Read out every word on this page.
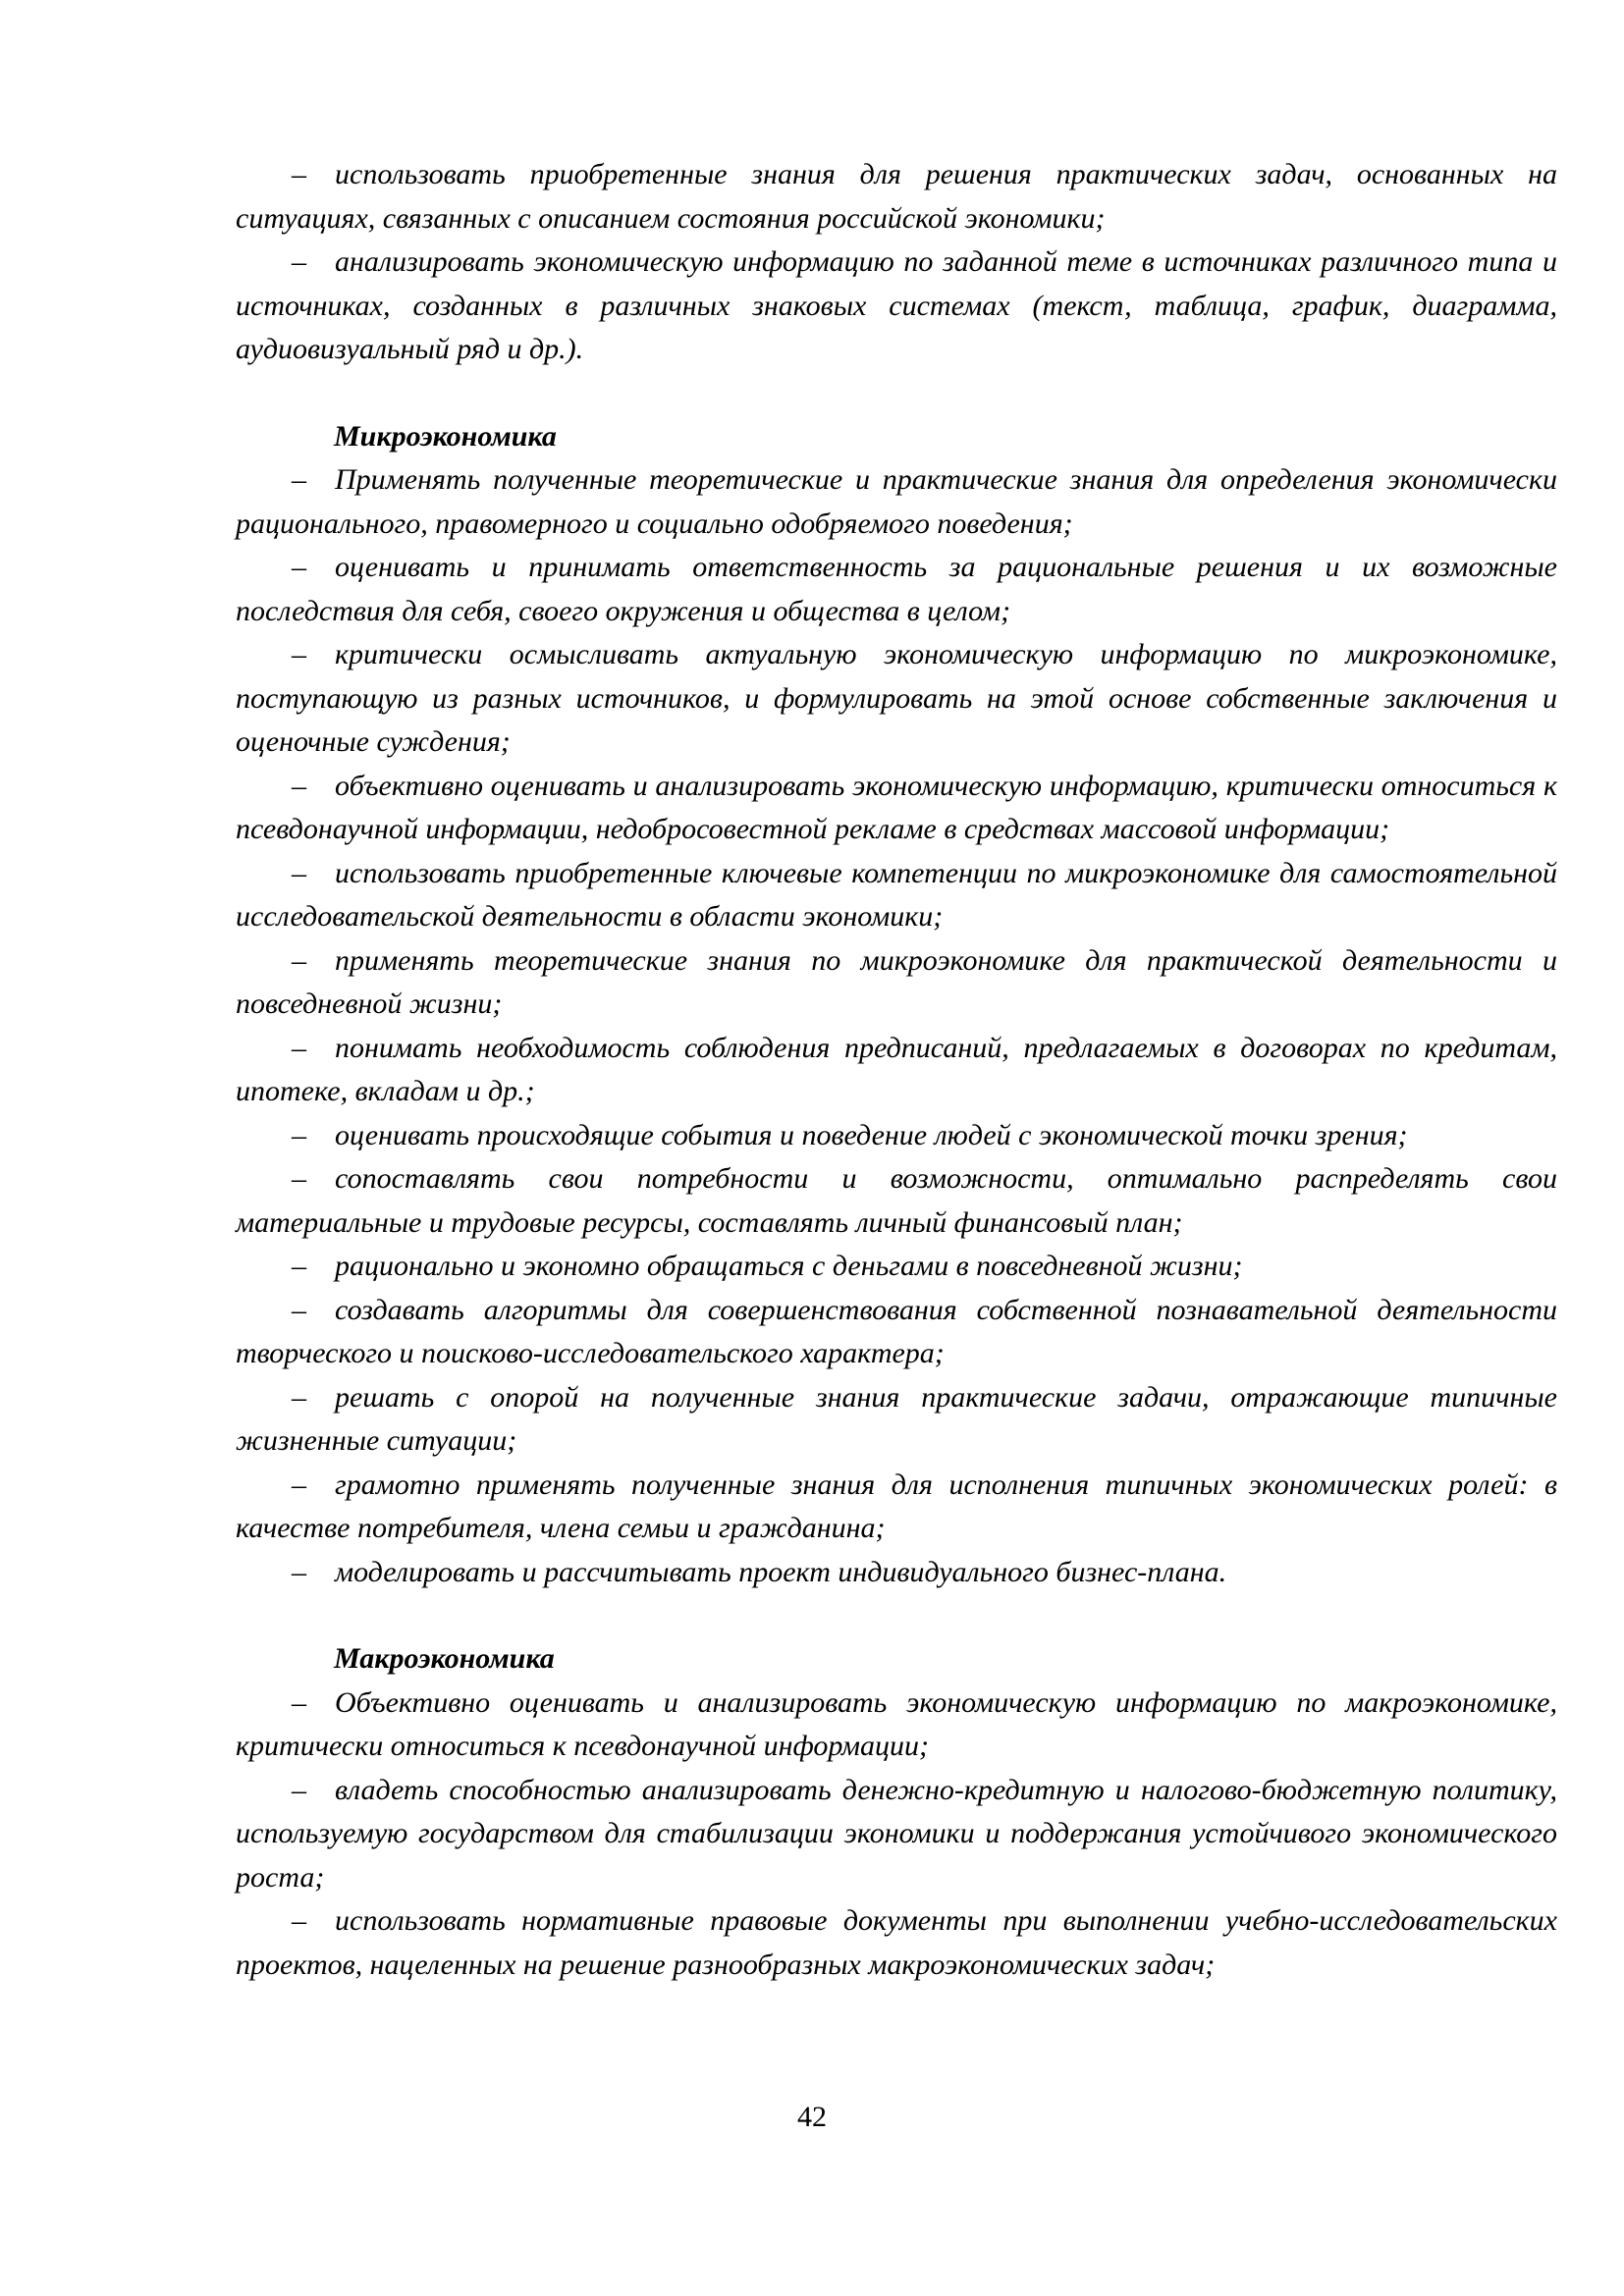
– использовать приобретенные знания для решения практических задач, основанных на ситуациях, связанных с описанием состояния российской экономики;

– анализировать экономическую информацию по заданной теме в источниках различного типа и источниках, созданных в различных знаковых системах (текст, таблица, график, диаграмма, аудиовизуальный ряд и др.).

Микроэкономика

– Применять полученные теоретические и практические знания для определения экономически рационального, правомерного и социально одобряемого поведения;

– оценивать и принимать ответственность за рациональные решения и их возможные последствия для себя, своего окружения и общества в целом;

– критически осмысливать актуальную экономическую информацию по микроэкономике, поступающую из разных источников, и формулировать на этой основе собственные заключения и оценочные суждения;

– объективно оценивать и анализировать экономическую информацию, критически относиться к псевдонаучной информации, недобросовестной рекламе в средствах массовой информации;

– использовать приобретенные ключевые компетенции по микроэкономике для самостоятельной исследовательской деятельности в области экономики;

– применять теоретические знания по микроэкономике для практической деятельности и повседневной жизни;

– понимать необходимость соблюдения предписаний, предлагаемых в договорах по кредитам, ипотеке, вкладам и др.;

– оценивать происходящие события и поведение людей с экономической точки зрения;

– сопоставлять свои потребности и возможности, оптимально распределять свои материальные и трудовые ресурсы, составлять личный финансовый план;

– рационально и экономно обращаться с деньгами в повседневной жизни;

– создавать алгоритмы для совершенствования собственной познавательной деятельности творческого и поисково-исследовательского характера;

– решать с опорой на полученные знания практические задачи, отражающие типичные жизненные ситуации;

– грамотно применять полученные знания для исполнения типичных экономических ролей: в качестве потребителя, члена семьи и гражданина;

– моделировать и рассчитывать проект индивидуального бизнес-плана.

Макроэкономика

– Объективно оценивать и анализировать экономическую информацию по макроэкономике, критически относиться к псевдонаучной информации;

– владеть способностью анализировать денежно-кредитную и налогово-бюджетную политику, используемую государством для стабилизации экономики и поддержания устойчивого экономического роста;

– использовать нормативные правовые документы при выполнении учебно-исследовательских проектов, нацеленных на решение разнообразных макроэкономических задач;

42
